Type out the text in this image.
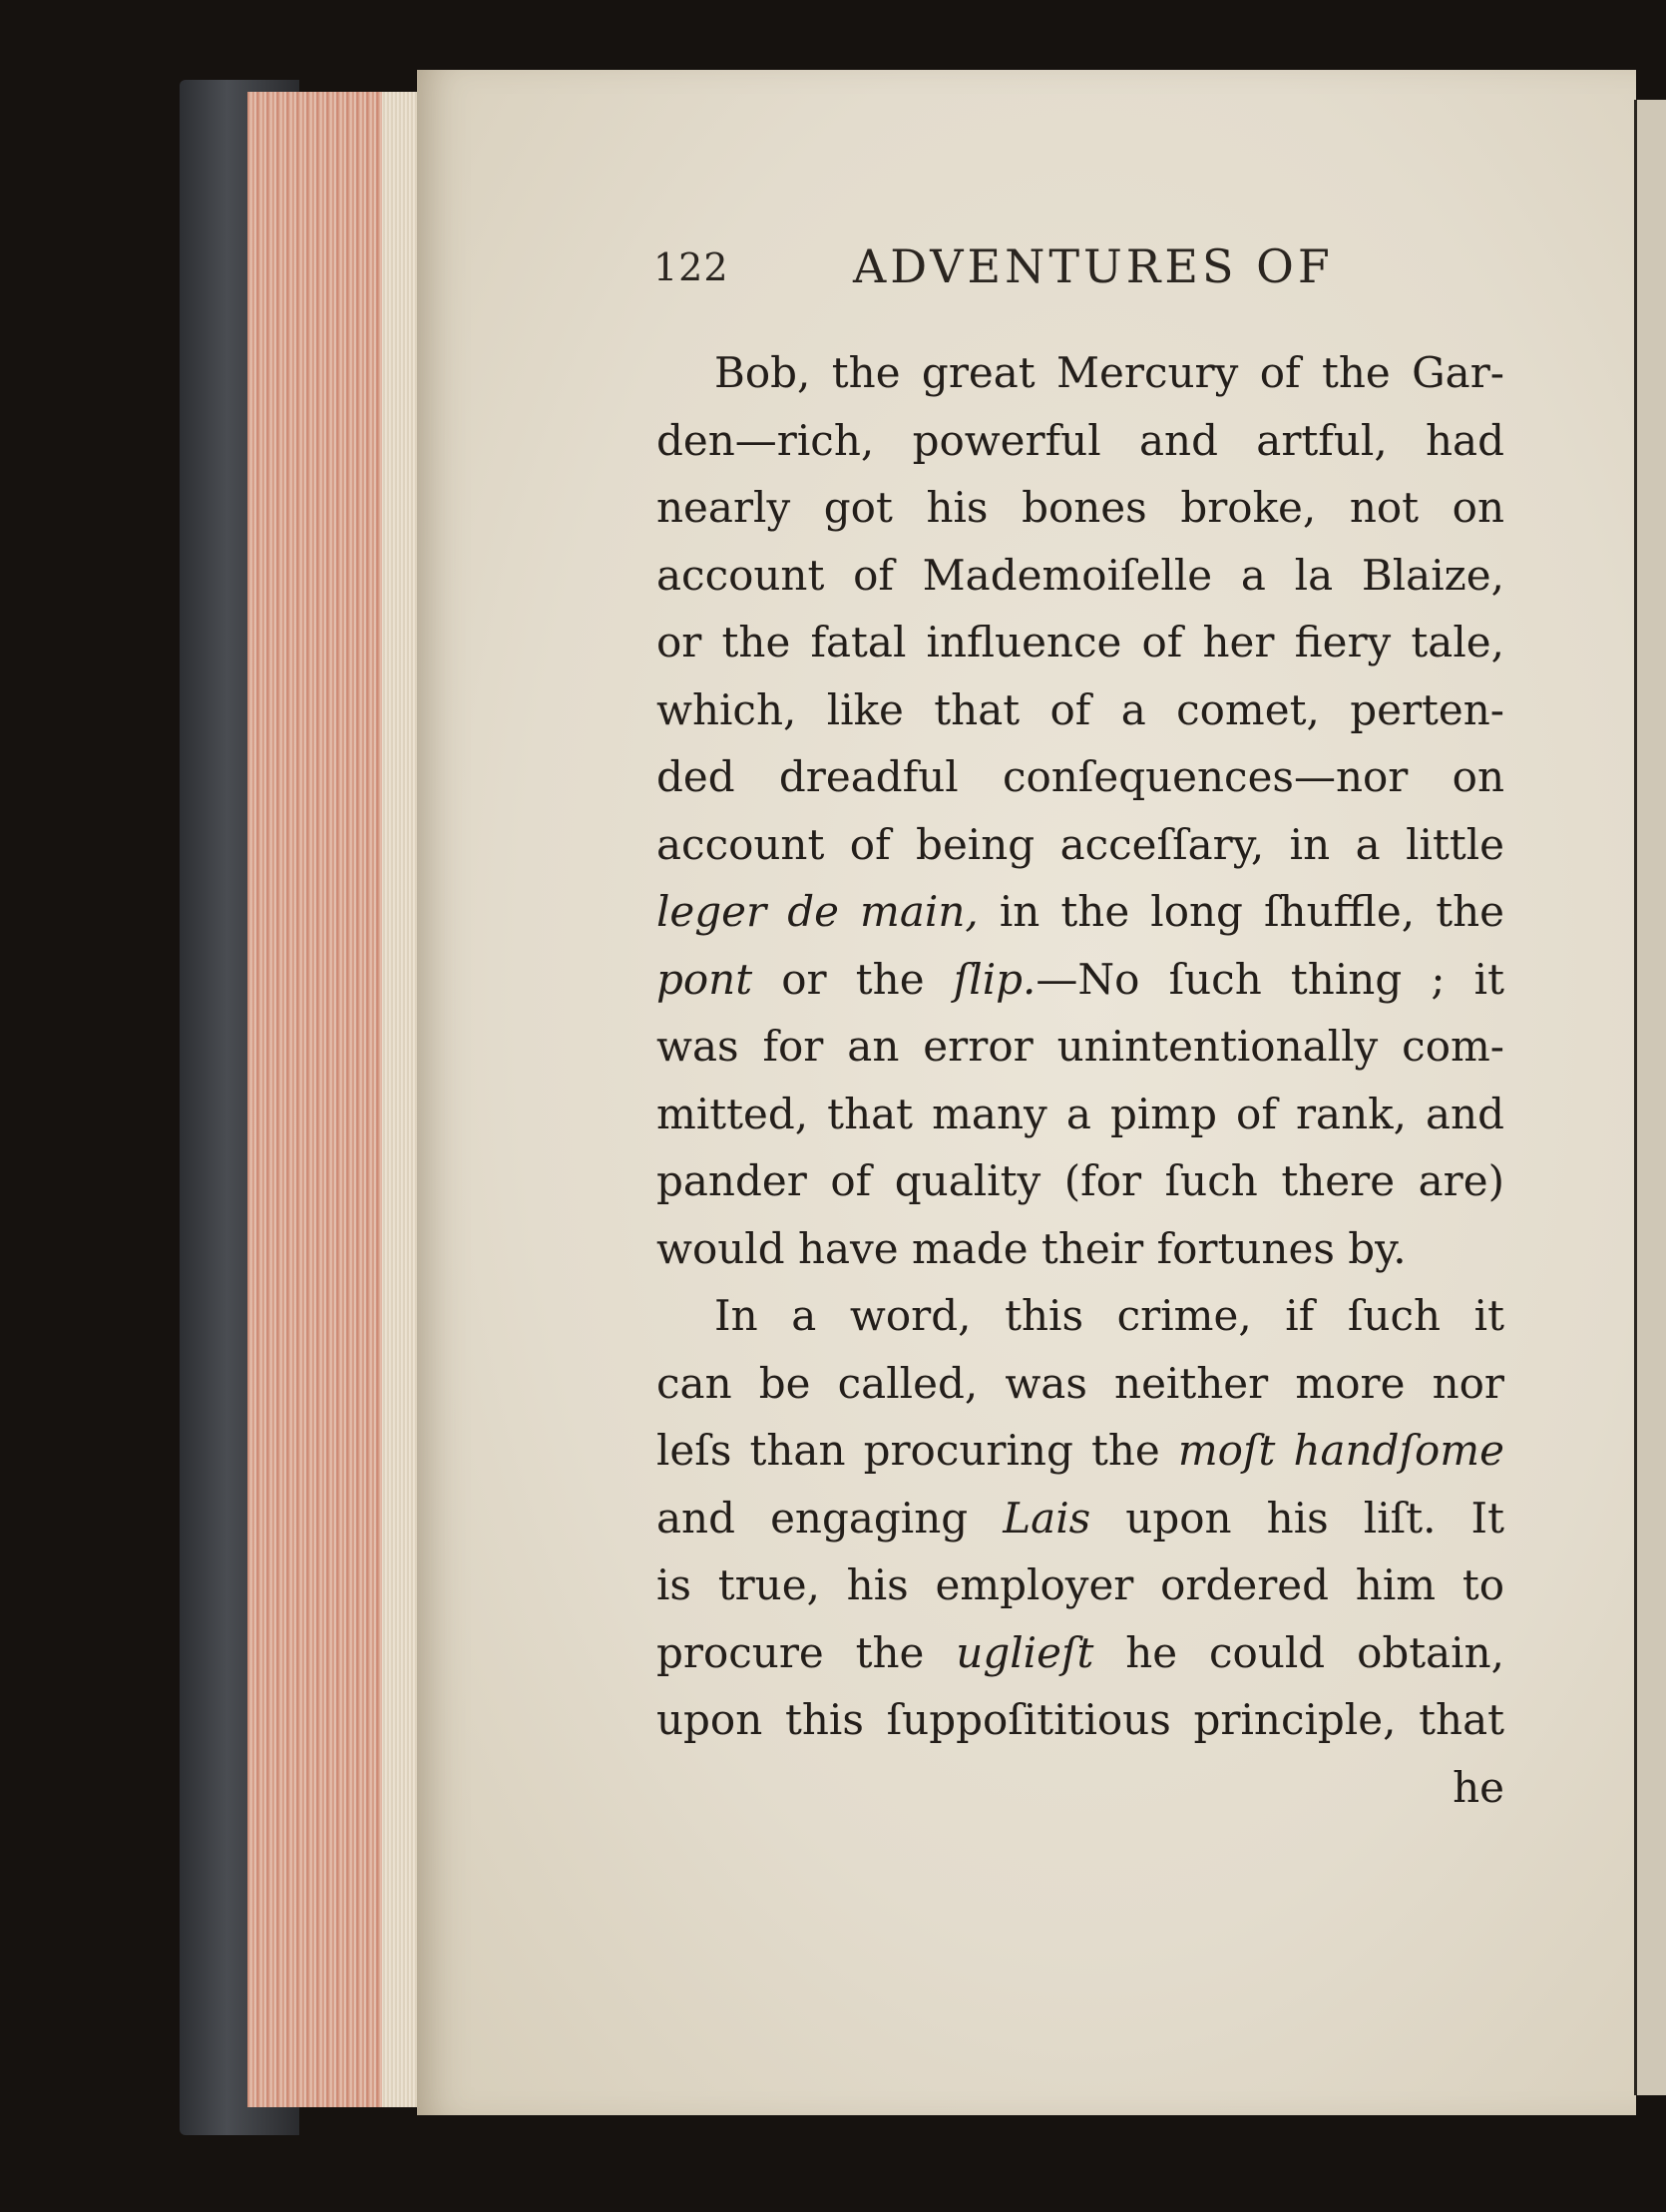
122	ADVENTURES OF
Bob, the great Mercury of the Gar-
den—rich, powerful and artful, had
nearly got his bones broke, not on
account of Mademoiſelle a la Blaize,
or the fatal influence of her fiery tale,
which, like that of a comet, perten-
ded dreadful conſequences—nor on
account of being acceſſary, in a little
leger de main, in the long ſhuffle, the
pont or the ſlip.—No ſuch thing ; it
was for an error unintentionally com-
mitted, that many a pimp of rank, and
pander of quality (for ſuch there are)
would have made their fortunes by.
In a word, this crime, if ſuch it
can be called, was neither more nor
leſs than procuring the moſt handſome
and engaging Lais upon his liſt. It
is true, his employer ordered him to
procure the ug​lieſt he could obtain,
upon this ſuppoſititious principle, that
he
